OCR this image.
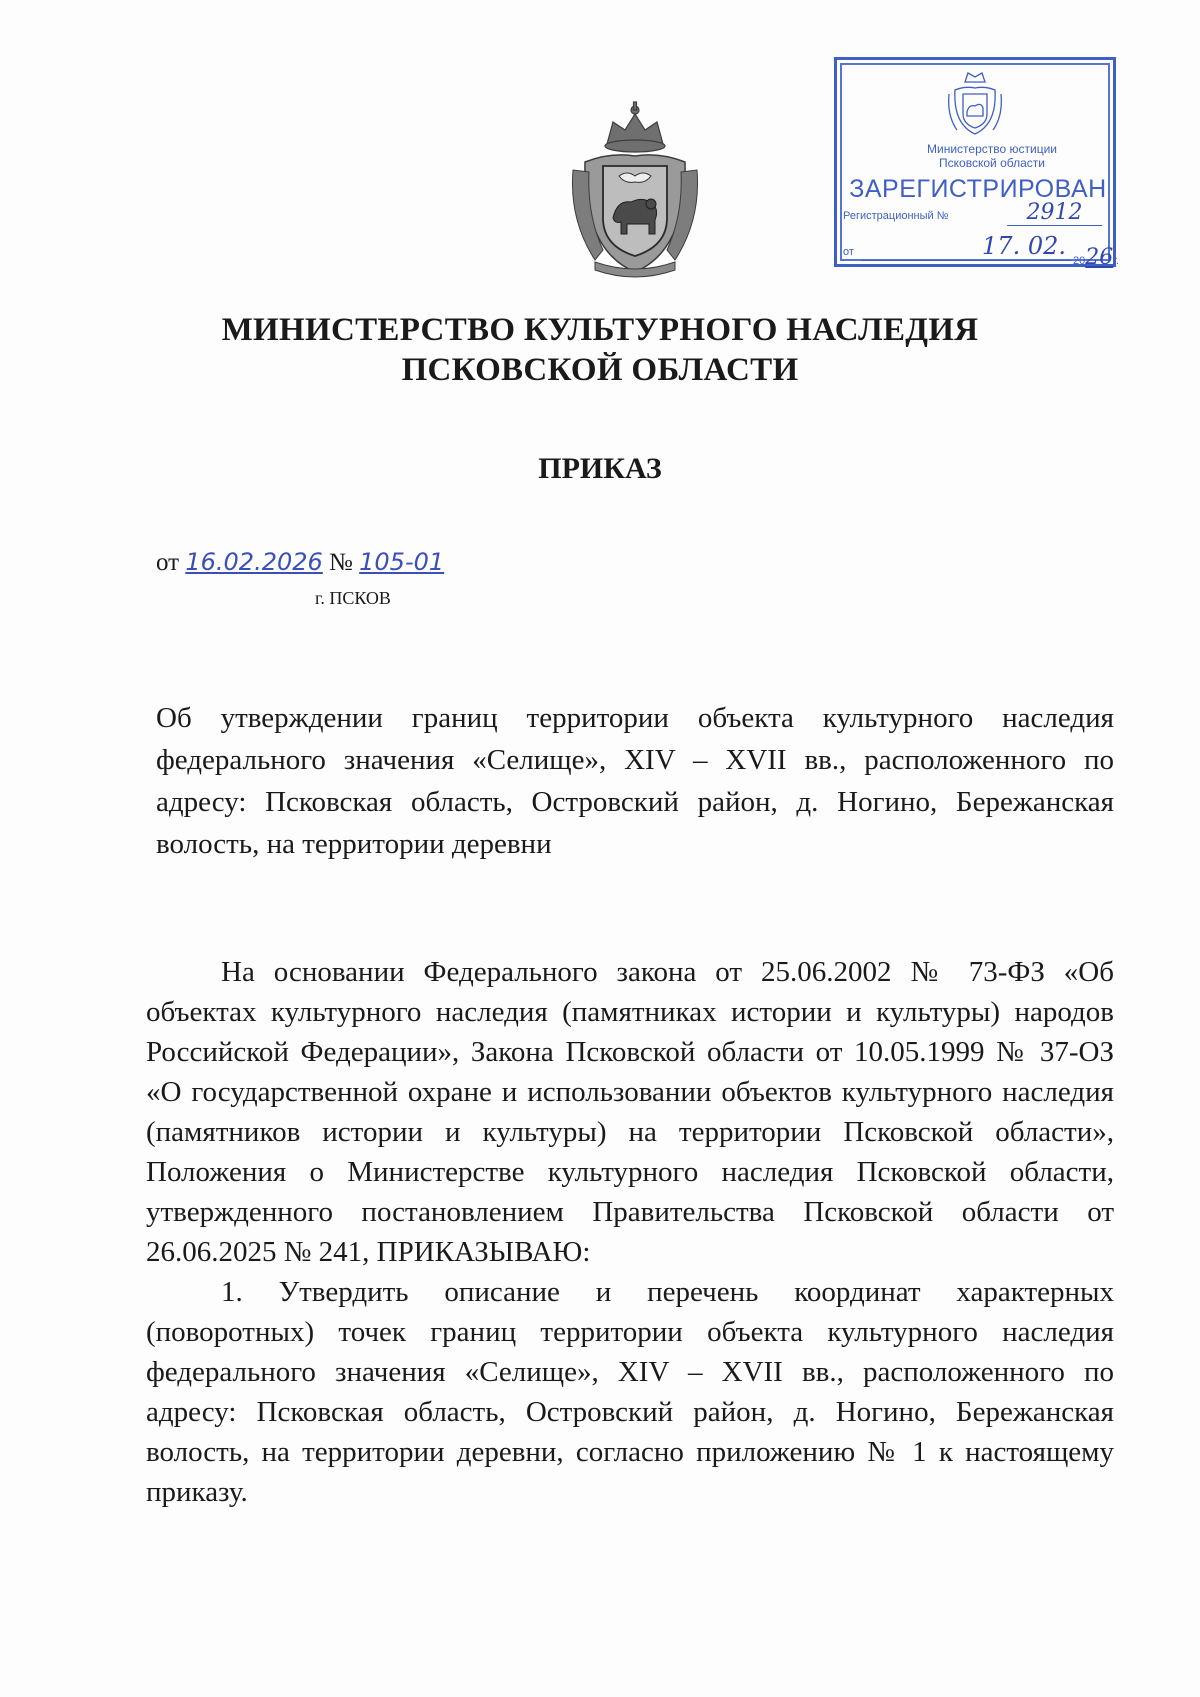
Министерство юстиции
Псковской области
ЗАРЕГИСТРИРОВАН
Регистрационный №	2912
от	17. 02.
2026г.
МИНИСТЕРСТВО КУЛЬТУРНОГО НАСЛЕДИЯ
ПСКОВСКОЙ ОБЛАСТИ
ПРИКАЗ
от 16.02.2026 № 105-01
г. ПСКОВ
Об утверждении границ территории объекта культурного наследия федерального значения «Селище», XIV – XVII вв., расположенного по адресу: Псковская область, Островский район, д. Ногино, Бережанская волость, на территории деревни

На основании Федерального закона от 25.06.2002 № 73-ФЗ «Об объектах культурного наследия (памятниках истории и культуры) народов Российской Федерации», Закона Псковской области от 10.05.1999 № 37-ОЗ «О государственной охране и использовании объектов культурного наследия (памятников истории и культуры) на территории Псковской области», Положения о Министерстве культурного наследия Псковской области, утвержденного постановлением Правительства Псковской области от 26.06.2025 № 241, ПРИКАЗЫВАЮ:

1. Утвердить описание и перечень координат характерных (поворотных) точек границ территории объекта культурного наследия федерального значения «Селище», XIV – XVII вв., расположенного по адресу: Псковская область, Островский район, д. Ногино, Бережанская волость, на территории деревни, согласно приложению № 1 к настоящему приказу.
